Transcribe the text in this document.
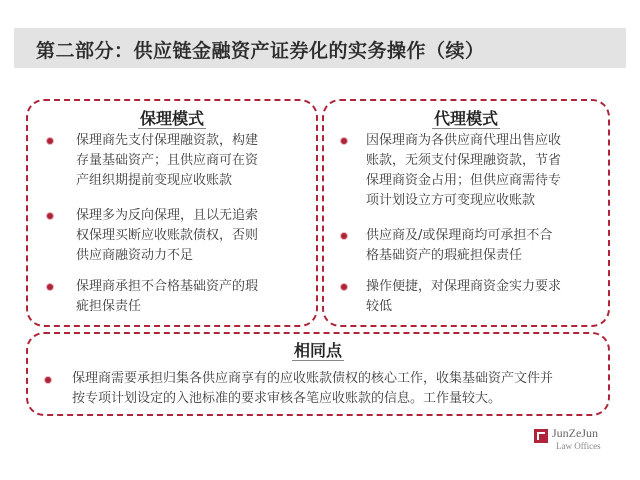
第二部分：供应链金融资产证券化的实务操作（续）
保理模式
保理商先支付保理融资款，构建
存量基础资产；且供应商可在资
产组织期提前变现应收账款
保理多为反向保理，且以无追索
权保理买断应收账款债权，否则
供应商融资动力不足
保理商承担不合格基础资产的瑕
疵担保责任
代理模式
因保理商为各供应商代理出售应收
账款，无须支付保理融资款，节省
保理商资金占用；但供应商需待专
项计划设立方可变现应收账款
供应商及/或保理商均可承担不合
格基础资产的瑕疵担保责任
操作便捷，对保理商资金实力要求
较低
相同点
保理商需要承担归集各供应商享有的应收账款债权的核心工作，收集基础资产文件并
按专项计划设定的入池标准的要求审核各笔应收账款的信息。工作量较大。
JunZeJun
Law Offices
